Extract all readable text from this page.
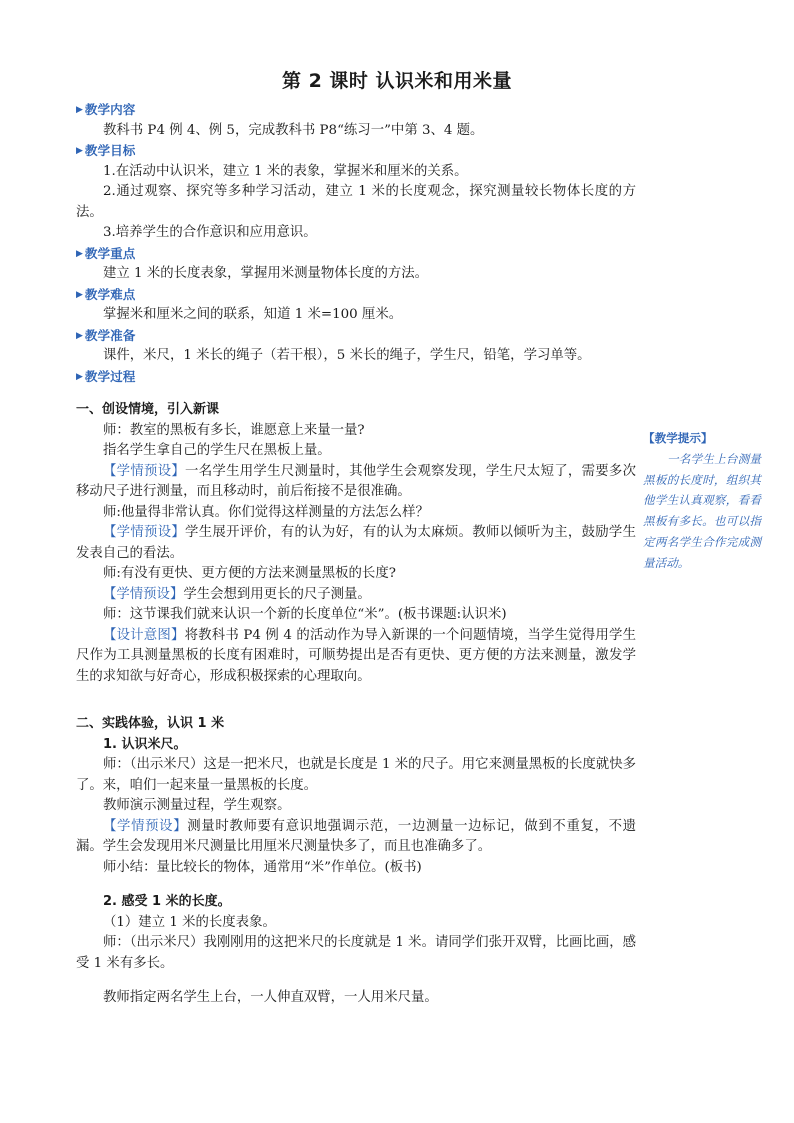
第 2 课时 认识米和用米量
▶ 教学内容
教科书 P4 例 4、例 5，完成教科书 P8“练习一”中第 3、4 题。
▶ 教学目标
1.在活动中认识米，建立 1 米的表象，掌握米和厘米的关系。
2.通过观察、探究等多种学习活动，建立 1 米的长度观念，探究测量较长物体长度的方法。
3.培养学生的合作意识和应用意识。
▶ 教学重点
建立 1 米的长度表象，掌握用米测量物体长度的方法。
▶ 教学难点
掌握米和厘米之间的联系，知道 1 米=100 厘米。
▶ 教学准备
课件，米尺，1 米长的绳子（若干根），5 米长的绳子，学生尺，铅笔，学习单等。
▶ 教学过程
一、创设情境，引入新课
师：教室的黑板有多长，谁愿意上来量一量?
指名学生拿自己的学生尺在黑板上量。
【学情预设】一名学生用学生尺测量时，其他学生会观察发现，学生尺太短了，需要多次移动尺子进行测量，而且移动时，前后衔接不是很准确。
师:他量得非常认真。你们觉得这样测量的方法怎么样？
【学情预设】学生展开评价，有的认为好，有的认为太麻烦。教师以倾听为主，鼓励学生发表自己的看法。
师:有没有更快、更方便的方法来测量黑板的长度?
【学情预设】学生会想到用更长的尺子测量。
师：这节课我们就来认识一个新的长度单位“米”。(板书课题:认识米)
【设计意图】将教科书 P4 例 4 的活动作为导入新课的一个问题情境，当学生觉得用学生尺作为工具测量黑板的长度有困难时，可顺势提出是否有更快、更方便的方法来测量，激发学生的求知欲与好奇心，形成积极探索的心理取向。
二、实践体验，认识 1 米
1. 认识米尺。
师：（出示米尺）这是一把米尺，也就是长度是 1 米的尺子。用它来测量黑板的长度就快多了。来，咱们一起来量一量黑板的长度。
教师演示测量过程，学生观察。
【学情预设】测量时教师要有意识地强调示范，一边测量一边标记，做到不重复，不遗漏。学生会发现用米尺测量比用厘米尺测量快多了，而且也准确多了。
师小结：量比较长的物体，通常用“米”作单位。(板书)
2. 感受 1 米的长度。
（1）建立 1 米的长度表象。
师：（出示米尺）我刚刚用的这把米尺的长度就是 1 米。请同学们张开双臂，比画比画，感受 1 米有多长。
教师指定两名学生上台，一人伸直双臂，一人用米尺量。
【教学提示】
一名学生上台测量黑板的长度时，组织其他学生认真观察，看看黑板有多长。也可以指定两名学生合作完成测量活动。
